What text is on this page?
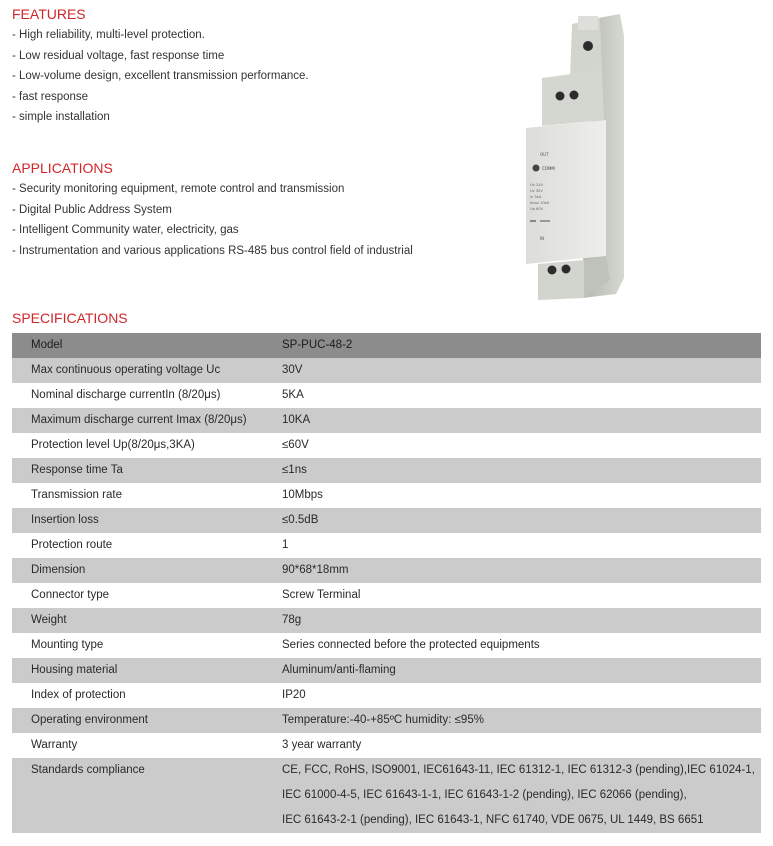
FEATURES
- High reliability, multi-level protection.
- Low residual voltage, fast response time
- Low-volume design, excellent transmission performance.
- fast response
- simple installation
APPLICATIONS
- Security monitoring equipment, remote control and transmission
- Digital Public Address System
- Intelligent Community water, electricity, gas
- Instrumentation and various applications RS-485 bus control field of industrial
OUT
COMM
Un 24V
Uc 30V
In 5kA
Imax 10kA
Up 60V
IN
SPECIFICATIONS
Model	SP-PUC-48-2
Max continuous operating voltage Uc	30V
Nominal discharge currentIn (8/20μs)	5KA
Maximum discharge current Imax (8/20μs)	10KA
Protection level Up(8/20μs,3KA)	≤60V
Response time Ta	≤1ns
Transmission rate	10Mbps
Insertion loss	≤0.5dB
Protection route	1
Dimension	90*68*18mm
Connector type	Screw Terminal
Weight	78g
Mounting type	Series connected before the protected equipments
Housing material	Aluminum/anti-flaming
Index of protection	IP20
Operating environment	Temperature:-40-+85ºC humidity: ≤95%
Warranty	3 year warranty
Standards compliance	CE, FCC, RoHS, ISO9001, IEC61643-11, IEC 61312-1, IEC 61312-3 (pending),IEC 61024-1,
IEC 61000-4-5, IEC 61643-1-1, IEC 61643-1-2 (pending), IEC 62066 (pending),
IEC 61643-2-1 (pending), IEC 61643-1, NFC 61740, VDE 0675, UL 1449, BS 6651
